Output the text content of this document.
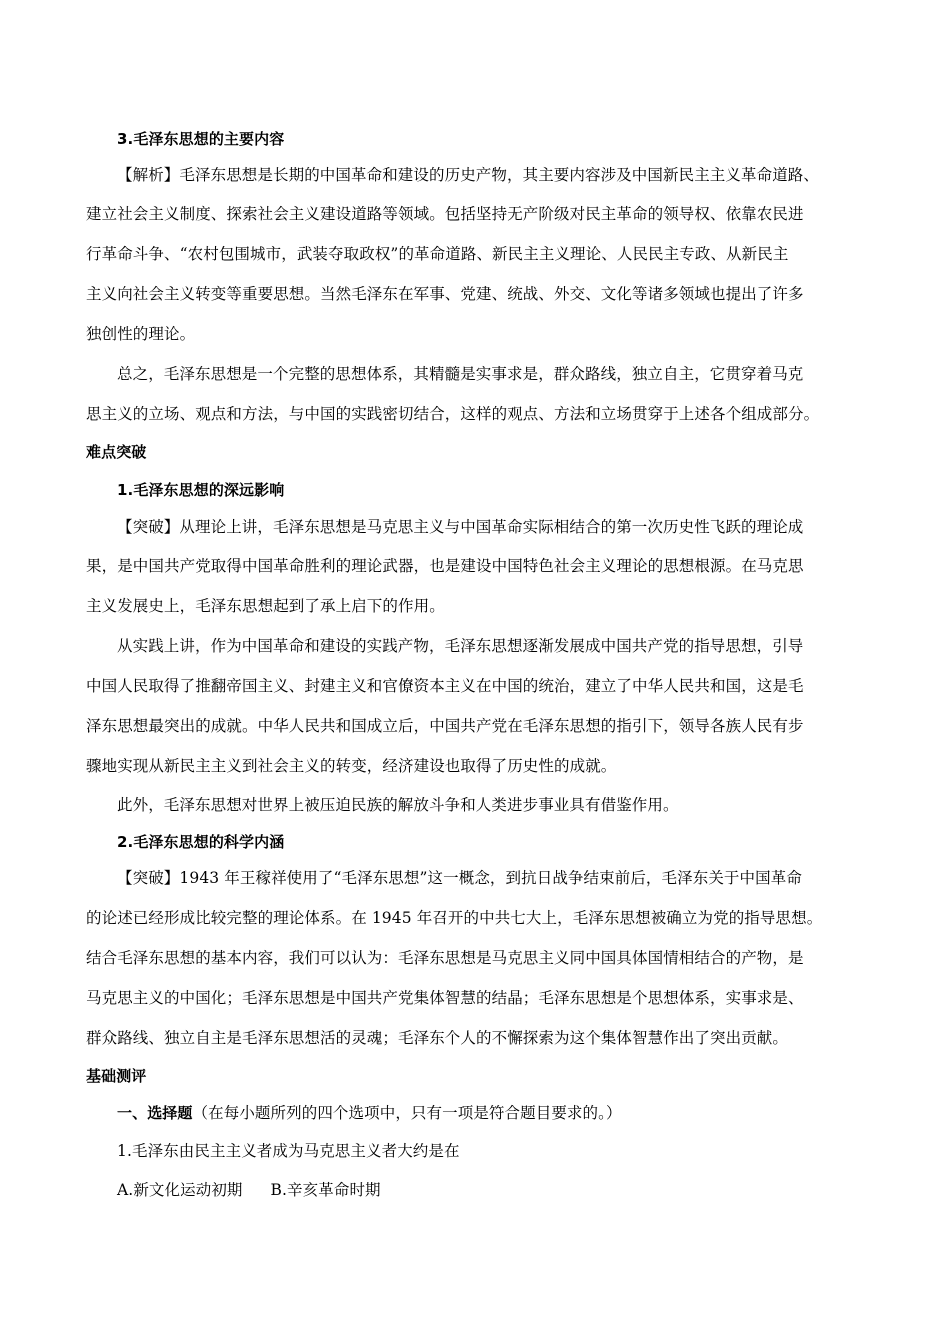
3.毛泽东思想的主要内容
【解析】毛泽东思想是长期的中国革命和建设的历史产物，其主要内容涉及中国新民主主义革命道路、
建立社会主义制度、探索社会主义建设道路等领域。包括坚持无产阶级对民主革命的领导权、依靠农民进
行革命斗争、“农村包围城市，武装夺取政权”的革命道路、新民主主义理论、人民民主专政、从新民主
主义向社会主义转变等重要思想。当然毛泽东在军事、党建、统战、外交、文化等诸多领域也提出了许多
独创性的理论。
总之，毛泽东思想是一个完整的思想体系，其精髓是实事求是，群众路线，独立自主，它贯穿着马克
思主义的立场、观点和方法，与中国的实践密切结合，这样的观点、方法和立场贯穿于上述各个组成部分。
难点突破
1.毛泽东思想的深远影响
【突破】从理论上讲，毛泽东思想是马克思主义与中国革命实际相结合的第一次历史性飞跃的理论成
果，是中国共产党取得中国革命胜利的理论武器，也是建设中国特色社会主义理论的思想根源。在马克思
主义发展史上，毛泽东思想起到了承上启下的作用。
从实践上讲，作为中国革命和建设的实践产物，毛泽东思想逐渐发展成中国共产党的指导思想，引导
中国人民取得了推翻帝国主义、封建主义和官僚资本主义在中国的统治，建立了中华人民共和国，这是毛
泽东思想最突出的成就。中华人民共和国成立后，中国共产党在毛泽东思想的指引下，领导各族人民有步
骤地实现从新民主主义到社会主义的转变，经济建设也取得了历史性的成就。
此外，毛泽东思想对世界上被压迫民族的解放斗争和人类进步事业具有借鉴作用。
2.毛泽东思想的科学内涵
【突破】1943 年王稼祥使用了“毛泽东思想”这一概念，到抗日战争结束前后，毛泽东关于中国革命
的论述已经形成比较完整的理论体系。在 1945 年召开的中共七大上，毛泽东思想被确立为党的指导思想。
结合毛泽东思想的基本内容，我们可以认为：毛泽东思想是马克思主义同中国具体国情相结合的产物，是
马克思主义的中国化；毛泽东思想是中国共产党集体智慧的结晶；毛泽东思想是个思想体系，实事求是、
群众路线、独立自主是毛泽东思想活的灵魂；毛泽东个人的不懈探索为这个集体智慧作出了突出贡献。
基础测评
一、选择题（在每小题所列的四个选项中，只有一项是符合题目要求的。）
1.毛泽东由民主主义者成为马克思主义者大约是在
A.新文化运动初期 B.辛亥革命时期
